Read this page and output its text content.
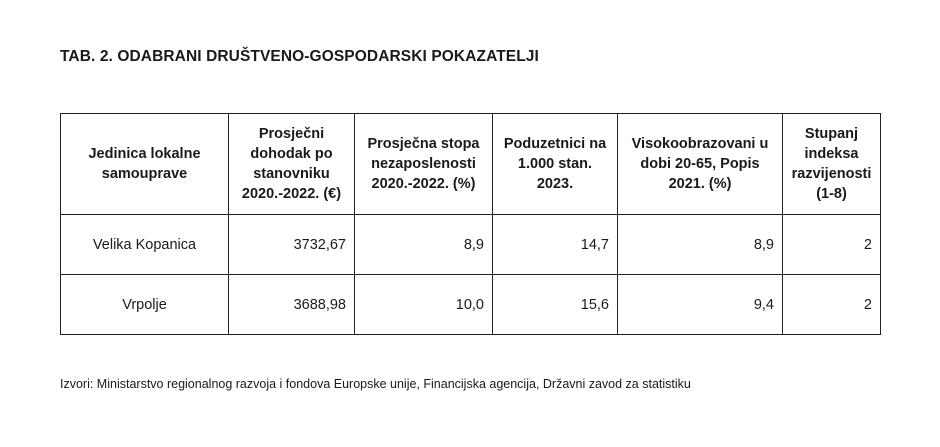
TAB. 2. ODABRANI DRUŠTVENO-GOSPODARSKI POKAZATELJI
Jedinica lokalne samouprave	Prosječni dohodak po stanovniku 2020.-2022. (€)	Prosječna stopa nezaposlenosti 2020.-2022. (%)	Poduzetnici na 1.000 stan. 2023.	Visokoobrazovani u dobi 20-65, Popis 2021. (%)	Stupanj indeksa razvijenosti (1-8)
Velika Kopanica	3732,67	8,9	14,7	8,9	2
Vrpolje	3688,98	10,0	15,6	9,4	2

Izvori: Ministarstvo regionalnog razvoja i fondova Europske unije, Financijska agencija, Državni zavod za statistiku
